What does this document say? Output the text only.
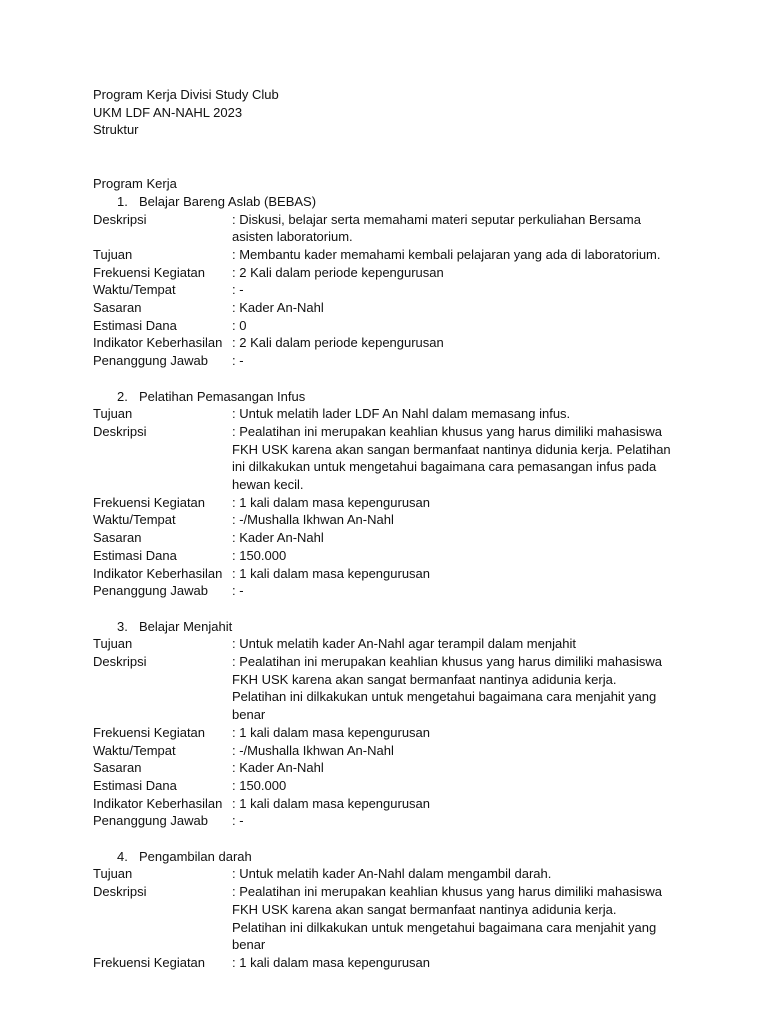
Program Kerja Divisi Study Club
UKM LDF AN-NAHL 2023
Struktur
Program Kerja
1. Belajar Bareng Aslab (BEBAS)
Deskripsi	: Diskusi, belajar serta memahami materi seputar perkuliahan Bersama asisten laboratorium.
Tujuan	: Membantu kader memahami kembali pelajaran yang ada di laboratorium.
Frekuensi Kegiatan	: 2 Kali dalam periode kepengurusan
Waktu/Tempat	: -
Sasaran	: Kader An-Nahl
Estimasi Dana	: 0
Indikator Keberhasilan : 2 Kali dalam periode kepengurusan
Penanggung Jawab	: -
2. Pelatihan Pemasangan Infus
Tujuan	: Untuk melatih lader LDF An Nahl dalam memasang infus.
Deskripsi	: Pealatihan ini merupakan keahlian khusus yang harus dimiliki mahasiswa FKH USK karena akan sangan bermanfaat nantinya didunia kerja. Pelatihan ini dilkakukan untuk mengetahui bagaimana cara pemasangan infus pada hewan kecil.
Frekuensi Kegiatan	: 1 kali dalam masa kepengurusan
Waktu/Tempat	: -/Mushalla Ikhwan An-Nahl
Sasaran	: Kader An-Nahl
Estimasi Dana	: 150.000
Indikator Keberhasilan : 1 kali dalam masa kepengurusan
Penanggung Jawab	: -
3. Belajar Menjahit
Tujuan	: Untuk melatih kader An-Nahl agar terampil dalam menjahit
Deskripsi	: Pealatihan ini merupakan keahlian khusus yang harus dimiliki mahasiswa FKH USK karena akan sangat bermanfaat nantinya adidunia kerja. Pelatihan ini dilkakukan untuk mengetahui bagaimana cara menjahit yang benar
Frekuensi Kegiatan	: 1 kali dalam masa kepengurusan
Waktu/Tempat	: -/Mushalla Ikhwan An-Nahl
Sasaran	: Kader An-Nahl
Estimasi Dana	: 150.000
Indikator Keberhasilan : 1 kali dalam masa kepengurusan
Penanggung Jawab	: -
4. Pengambilan darah
Tujuan	: Untuk melatih kader An-Nahl dalam mengambil darah.
Deskripsi	: Pealatihan ini merupakan keahlian khusus yang harus dimiliki mahasiswa FKH USK karena akan sangat bermanfaat nantinya adidunia kerja. Pelatihan ini dilkakukan untuk mengetahui bagaimana cara menjahit yang benar
Frekuensi Kegiatan	: 1 kali dalam masa kepengurusan
